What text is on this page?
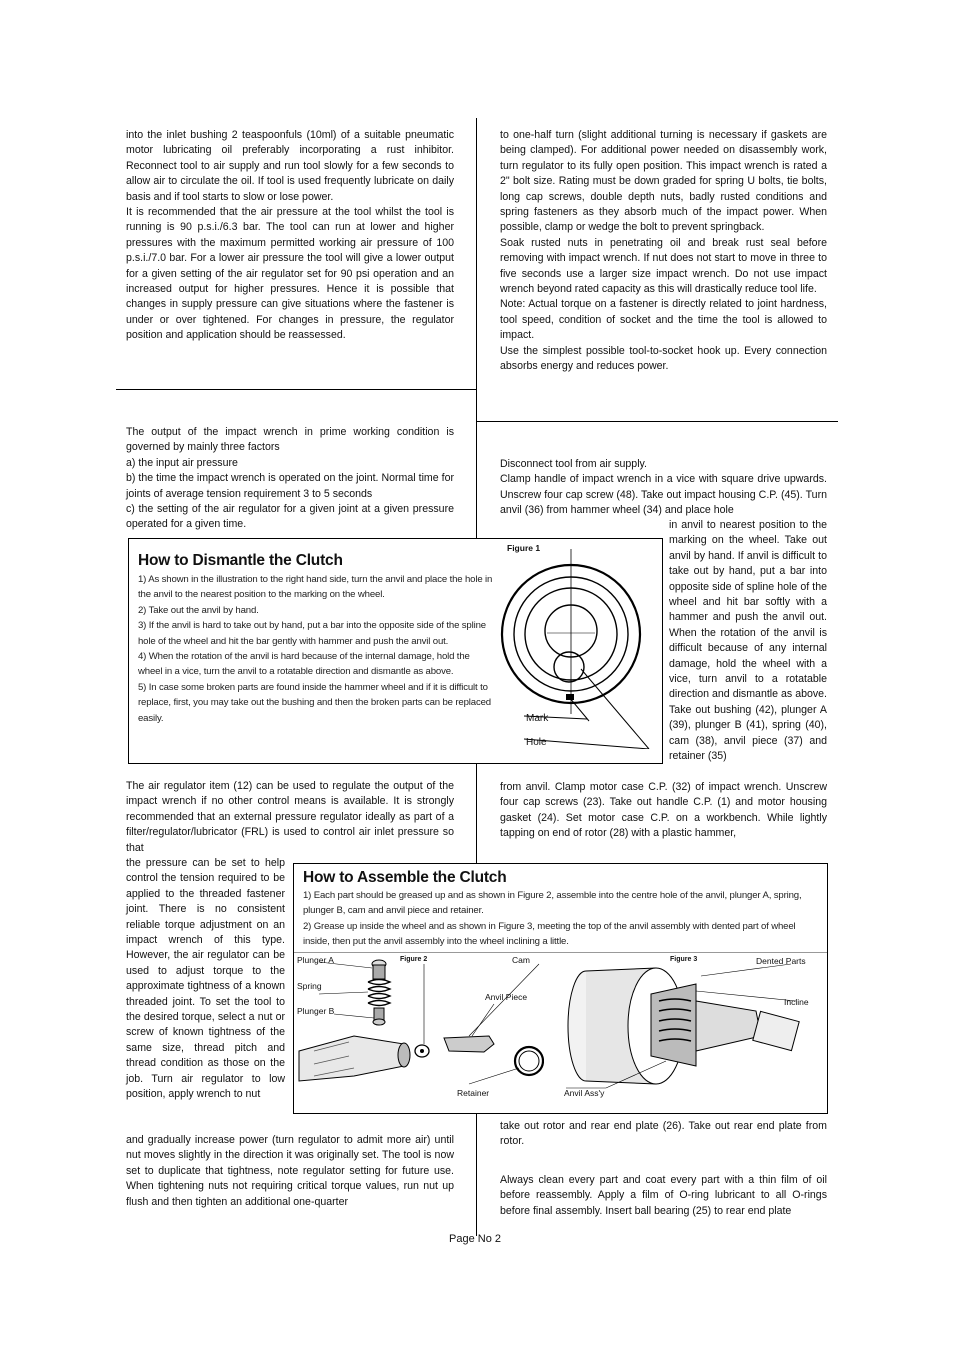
into the inlet bushing 2 teaspoonfuls (10ml) of a suitable pneumatic motor lubricating oil preferably incorporating a rust inhibitor. Reconnect tool to air supply and run tool slowly for a few seconds to allow air to circulate the oil. If tool is used frequently lubricate on daily basis and if tool starts to slow or lose power.

It is recommended that the air pressure at the tool whilst the tool is running is 90 p.s.i./6.3 bar. The tool can run at lower and higher pressures with the maximum permitted working air pressure of 100 p.s.i./7.0 bar. For a lower air pressure the tool will give a lower output for a given setting of the air regulator set for 90 psi operation and an increased output for higher pressures. Hence it is possible that changes in supply pressure can give situations where the fastener is under or over tightened. For changes in pressure, the regulator position and application should be reassessed.

The output of the impact wrench in prime working condition is governed by mainly three factors

a) the input air pressure

b) the time the impact wrench is operated on the joint. Normal time for joints of average tension requirement 3 to 5 seconds

c) the setting of the air regulator for a given joint at a given pressure operated for a given time.

The air regulator item (12) can be used to regulate the output of the impact wrench if no other control means is available. It is strongly recommended that an external pressure regulator ideally as part of a filter/regulator/lubricator (FRL) is used to control air inlet pressure so that

the pressure can be set to help control the tension required to be applied to the threaded fastener joint. There is no consistent reliable torque adjustment on an impact wrench of this type. However, the air regulator can be used to adjust torque to the approximate tightness of a known threaded joint. To set the tool to the desired torque, select a nut or screw of known tightness of the same size, thread pitch and thread condition as those on the job. Turn air regulator to low position, apply wrench to nut

and gradually increase power (turn regulator to admit more air) until nut moves slightly in the direction it was originally set. The tool is now set to duplicate that tightness, note regulator setting for future use. When tightening nuts not requiring critical torque values, run nut up flush and then tighten an additional one-quarter

to one-half turn (slight additional turning is necessary if gaskets are being clamped). For additional power needed on disassembly work, turn regulator to its fully open position. This impact wrench is rated a 2" bolt size. Rating must be down graded for spring U bolts, tie bolts, long cap screws, double depth nuts, badly rusted conditions and spring fasteners as they absorb much of the impact power. When possible, clamp or wedge the bolt to prevent springback.

Soak rusted nuts in penetrating oil and break rust seal before removing with impact wrench. If nut does not start to move in three to five seconds use a larger size impact wrench. Do not use impact wrench beyond rated capacity as this will drastically reduce tool life.

Note: Actual torque on a fastener is directly related to joint hardness, tool speed, condition of socket and the time the tool is allowed to impact.

Use the simplest possible tool-to-socket hook up. Every connection absorbs energy and reduces power.

Disconnect tool from air supply.

Clamp handle of impact wrench in a vice with square drive upwards. Unscrew four cap screw (48). Take out impact housing C.P. (45). Turn anvil (36) from hammer wheel (34) and place hole

in anvil to nearest position to the marking on the wheel. Take out anvil by hand. If anvil is difficult to take out by hand, put a bar into opposite side of spline hole of the wheel and hit bar softly with a hammer and push the anvil out. When the rotation of the anvil is difficult because of any internal damage, hold the wheel with a vice, turn anvil to a rotatable direction and dismantle as above. Take out bushing (42), plunger A (39), plunger B (41), spring (40), cam (38), anvil piece (37) and retainer (35)

from anvil. Clamp motor case C.P. (32) of impact wrench. Unscrew four cap screws (23). Take out handle C.P. (1) and motor housing gasket (24). Set motor case C.P. on a workbench. While lightly tapping on end of rotor (28) with a plastic hammer,

take out rotor and rear end plate (26). Take out rear end plate from rotor.

Always clean every part and coat every part with a thin film of oil before reassembly. Apply a film of O-ring lubricant to all O-rings before final assembly. Insert ball bearing (25) to rear end plate

How to Dismantle the Clutch

1) As shown in the illustration to the right hand side, turn the anvil and place the hole in the anvil to the nearest position to the marking on the wheel.

2) Take out the anvil by hand.

3) If the anvil is hard to take out by hand, put a bar into the opposite side of the spline hole of the wheel and hit the bar gently with hammer and push the anvil out.

4) When the rotation of the anvil is hard because of the internal damage, hold the wheel in a vice, turn the anvil to a rotatable direction and dismantle as above.

5) In case some broken parts are found inside the hammer wheel and if it is difficult to replace, first, you may take out the bushing and then the broken parts can be replaced easily.

Figure 1
Mark
Hole
How to Assemble the Clutch

1) Each part should be greased up and as shown in Figure 2, assemble into the centre hole of the anvil, plunger A, spring, plunger B, cam and anvil piece and retainer.

2) Grease up inside the wheel and as shown in Figure 3, meeting the top of the anvil assembly with dented part of wheel inside, then put the anvil assembly into the wheel inclining a little.

Plunger A	Figure 2	Cam
Spring
Anvil Piece
Plunger B
Retainer
Figure 3	Dented Parts
Incline
Anvil Ass'y
Page No 2
